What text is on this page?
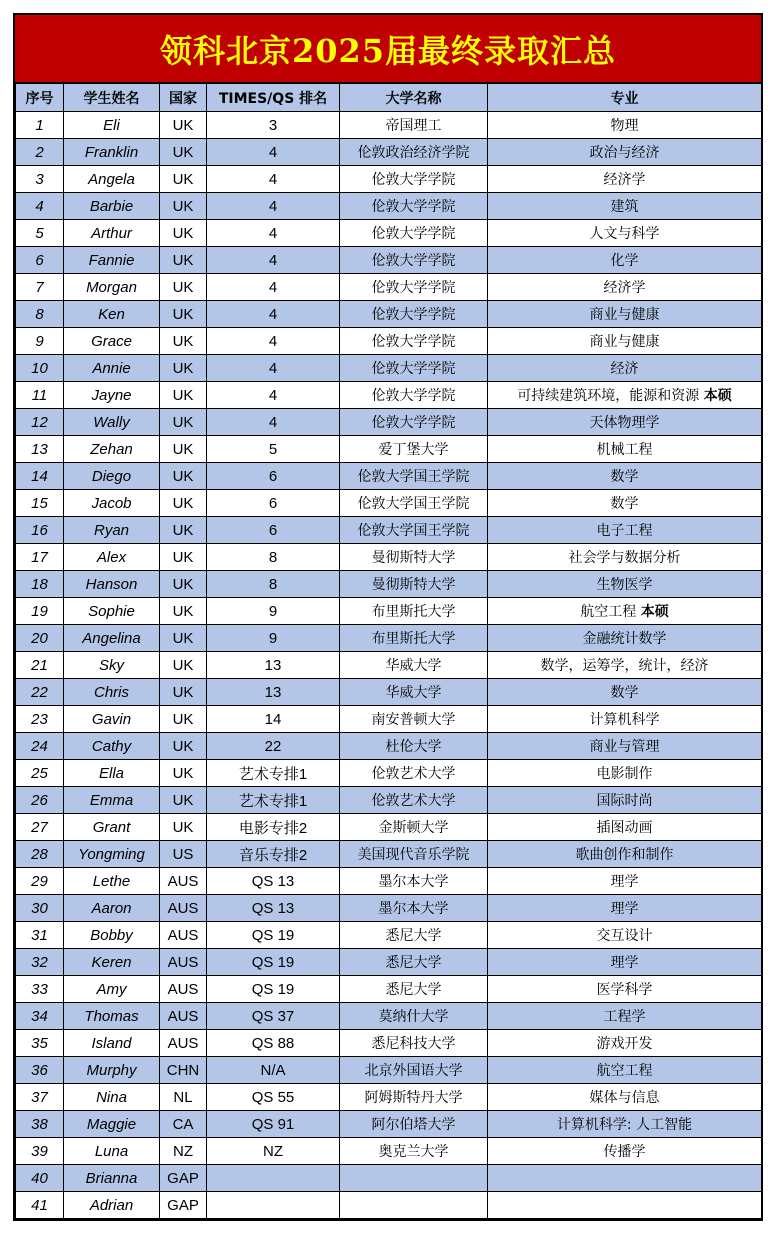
领科北京2025届最终录取汇总
序号	学生姓名	国家	TIMES/QS 排名	大学名称	专业
1	Eli	UK	3	帝国理工	物理
2	Franklin	UK	4	伦敦政治经济学院	政治与经济
3	Angela	UK	4	伦敦大学学院	经济学
4	Barbie	UK	4	伦敦大学学院	建筑
5	Arthur	UK	4	伦敦大学学院	人文与科学
6	Fannie	UK	4	伦敦大学学院	化学
7	Morgan	UK	4	伦敦大学学院	经济学
8	Ken	UK	4	伦敦大学学院	商业与健康
9	Grace	UK	4	伦敦大学学院	商业与健康
10	Annie	UK	4	伦敦大学学院	经济
11	Jayne	UK	4	伦敦大学学院	可持续建筑环境，能源和资源 本硕
12	Wally	UK	4	伦敦大学学院	天体物理学
13	Zehan	UK	5	爱丁堡大学	机械工程
14	Diego	UK	6	伦敦大学国王学院	数学
15	Jacob	UK	6	伦敦大学国王学院	数学
16	Ryan	UK	6	伦敦大学国王学院	电子工程
17	Alex	UK	8	曼彻斯特大学	社会学与数据分析
18	Hanson	UK	8	曼彻斯特大学	生物医学
19	Sophie	UK	9	布里斯托大学	航空工程 本硕
20	Angelina	UK	9	布里斯托大学	金融统计数学
21	Sky	UK	13	华威大学	数学，运筹学，统计，经济
22	Chris	UK	13	华威大学	数学
23	Gavin	UK	14	南安普顿大学	计算机科学
24	Cathy	UK	22	杜伦大学	商业与管理
25	Ella	UK	艺术专排1	伦敦艺术大学	电影制作
26	Emma	UK	艺术专排1	伦敦艺术大学	国际时尚
27	Grant	UK	电影专排2	金斯顿大学	插图动画
28	Yongming	US	音乐专排2	美国现代音乐学院	歌曲创作和制作
29	Lethe	AUS	QS 13	墨尔本大学	理学
30	Aaron	AUS	QS 13	墨尔本大学	理学
31	Bobby	AUS	QS 19	悉尼大学	交互设计
32	Keren	AUS	QS 19	悉尼大学	理学
33	Amy	AUS	QS 19	悉尼大学	医学科学
34	Thomas	AUS	QS 37	莫纳什大学	工程学
35	Island	AUS	QS 88	悉尼科技大学	游戏开发
36	Murphy	CHN	N/A	北京外国语大学	航空工程
37	Nina	NL	QS 55	阿姆斯特丹大学	媒体与信息
38	Maggie	CA	QS 91	阿尔伯塔大学	计算机科学: 人工智能
39	Luna	NZ	NZ	奥克兰大学	传播学
40	Brianna	GAP			
41	Adrian	GAP			
